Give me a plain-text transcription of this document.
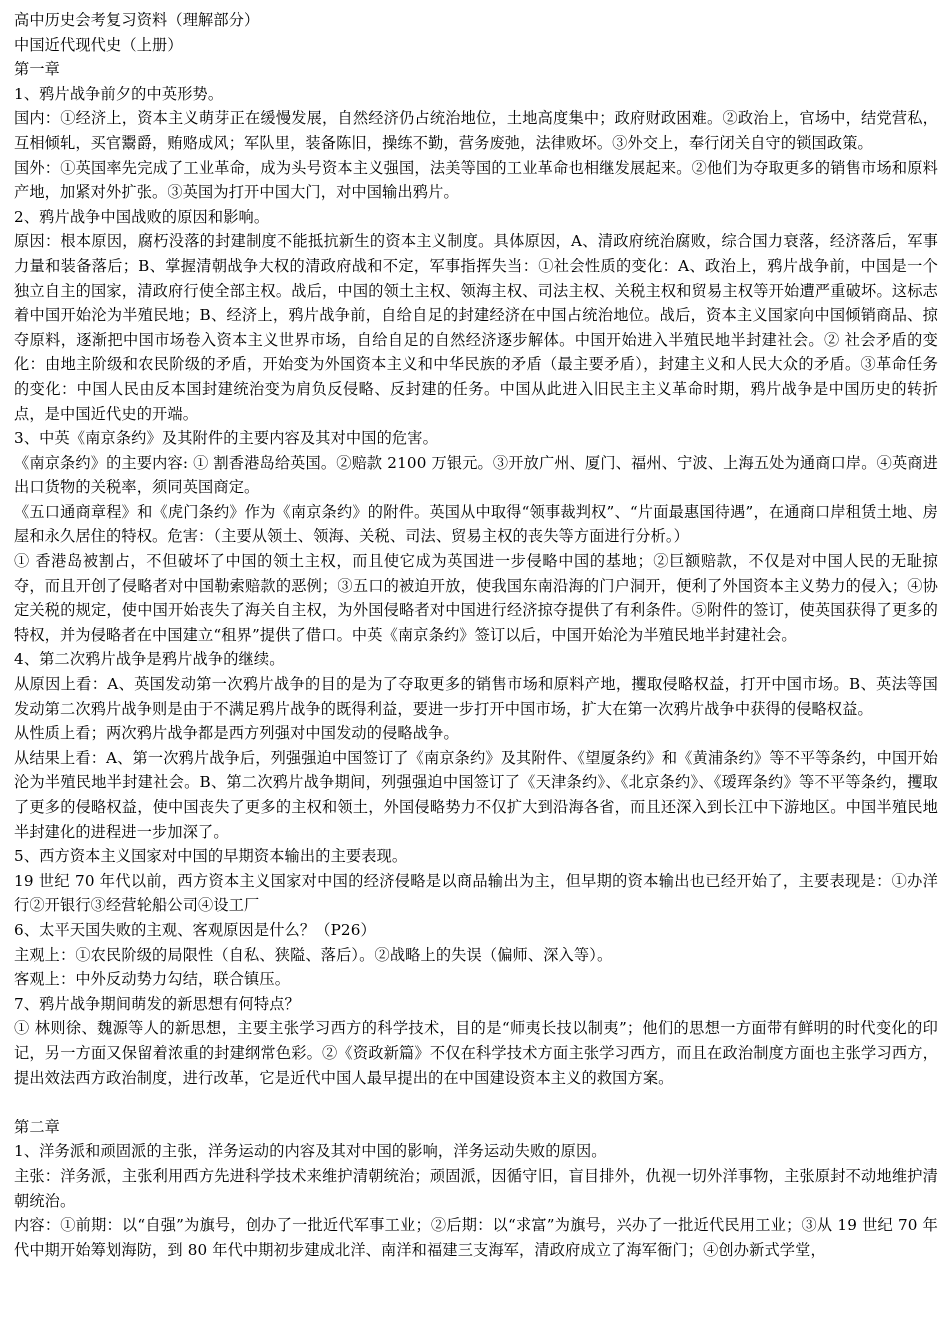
高中历史会考复习资料（理解部分）

中国近代现代史（上册）

第一章

1、鸦片战争前夕的中英形势。

国内：①经济上，资本主义萌芽正在缓慢发展，自然经济仍占统治地位，土地高度集中；政府财政困难。②政治上，官场中，结党营私，互相倾轧，买官鬻爵，贿赂成风；军队里，装备陈旧，操练不勤，营务废弛，法律败坏。③外交上，奉行闭关自守的锁国政策。

国外：①英国率先完成了工业革命，成为头号资本主义强国，法美等国的工业革命也相继发展起来。②他们为夺取更多的销售市场和原料产地，加紧对外扩张。③英国为打开中国大门，对中国输出鸦片。

2、鸦片战争中国战败的原因和影响。

原因：根本原因，腐朽没落的封建制度不能抵抗新生的资本主义制度。具体原因，A、清政府统治腐败，综合国力衰落，经济落后，军事力量和装备落后；B、掌握清朝战争大权的清政府战和不定，军事指挥失当：①社会性质的变化：A、政治上，鸦片战争前，中国是一个独立自主的国家，清政府行使全部主权。战后，中国的领土主权、领海主权、司法主权、关税主权和贸易主权等开始遭严重破坏。这标志着中国开始沦为半殖民地；B、经济上，鸦片战争前，自给自足的封建经济在中国占统治地位。战后，资本主义国家向中国倾销商品、掠夺原料，逐渐把中国市场卷入资本主义世界市场，自给自足的自然经济逐步解体。中国开始进入半殖民地半封建社会。② 社会矛盾的变化：由地主阶级和农民阶级的矛盾，开始变为外国资本主义和中华民族的矛盾（最主要矛盾），封建主义和人民大众的矛盾。③革命任务的变化：中国人民由反本国封建统治变为肩负反侵略、反封建的任务。中国从此进入旧民主主义革命时期，鸦片战争是中国历史的转折点，是中国近代史的开端。

3、中英《南京条约》及其附件的主要内容及其对中国的危害。

《南京条约》的主要内容: ① 割香港岛给英国。②赔款 2100 万银元。③开放广州、厦门、福州、宁波、上海五处为通商口岸。④英商进出口货物的关税率，须同英国商定。

《五口通商章程》和《虎门条约》作为《南京条约》的附件。英国从中取得“领事裁判权”、“片面最惠国待遇”，在通商口岸租赁土地、房屋和永久居住的特权。危害：（主要从领土、领海、关税、司法、贸易主权的丧失等方面进行分析。）

① 香港岛被割占，不但破坏了中国的领土主权，而且使它成为英国进一步侵略中国的基地；②巨额赔款，不仅是对中国人民的无耻掠夺，而且开创了侵略者对中国勒索赔款的恶例；③五口的被迫开放，使我国东南沿海的门户洞开，便利了外国资本主义势力的侵入；④协定关税的规定，使中国开始丧失了海关自主权，为外国侵略者对中国进行经济掠夺提供了有利条件。⑤附件的签订，使英国获得了更多的特权，并为侵略者在中国建立“租界”提供了借口。中英《南京条约》签订以后，中国开始沦为半殖民地半封建社会。

4、第二次鸦片战争是鸦片战争的继续。

从原因上看：A、英国发动第一次鸦片战争的目的是为了夺取更多的销售市场和原料产地，攫取侵略权益，打开中国市场。B、英法等国发动第二次鸦片战争则是由于不满足鸦片战争的既得利益，要进一步打开中国市场，扩大在第一次鸦片战争中获得的侵略权益。

从性质上看；两次鸦片战争都是西方列强对中国发动的侵略战争。

从结果上看：A、第一次鸦片战争后，列强强迫中国签订了《南京条约》及其附件、《望厦条约》和《黄浦条约》等不平等条约，中国开始沦为半殖民地半封建社会。B、第二次鸦片战争期间，列强强迫中国签订了《天津条约》、《北京条约》、《瑷珲条约》等不平等条约，攫取了更多的侵略权益，使中国丧失了更多的主权和领土，外国侵略势力不仅扩大到沿海各省，而且还深入到长江中下游地区。中国半殖民地半封建化的进程进一步加深了。

5、西方资本主义国家对中国的早期资本输出的主要表现。

19 世纪 70 年代以前，西方资本主义国家对中国的经济侵略是以商品输出为主，但早期的资本输出也已经开始了，主要表现是：①办洋行②开银行③经营轮船公司④设工厂

6、太平天国失败的主观、客观原因是什么？（P26）

主观上：①农民阶级的局限性（自私、狭隘、落后）。②战略上的失误（偏师、深入等）。

客观上：中外反动势力勾结，联合镇压。

7、鸦片战争期间萌发的新思想有何特点？

① 林则徐、魏源等人的新思想，主要主张学习西方的科学技术，目的是“师夷长技以制夷”；他们的思想一方面带有鲜明的时代变化的印记，另一方面又保留着浓重的封建纲常色彩。②《资政新篇》不仅在科学技术方面主张学习西方，而且在政治制度方面也主张学习西方，提出效法西方政治制度，进行改革，它是近代中国人最早提出的在中国建设资本主义的救国方案。

第二章

1、洋务派和顽固派的主张，洋务运动的内容及其对中国的影响，洋务运动失败的原因。

主张：洋务派，主张利用西方先进科学技术来维护清朝统治；顽固派，因循守旧，盲目排外，仇视一切外洋事物，主张原封不动地维护清朝统治。

内容：①前期：以“自强”为旗号，创办了一批近代军事工业；②后期：以“求富”为旗号，兴办了一批近代民用工业；③从 19 世纪 70 年代中期开始筹划海防，到 80 年代中期初步建成北洋、南洋和福建三支海军，清政府成立了海军衙门；④创办新式学堂，
